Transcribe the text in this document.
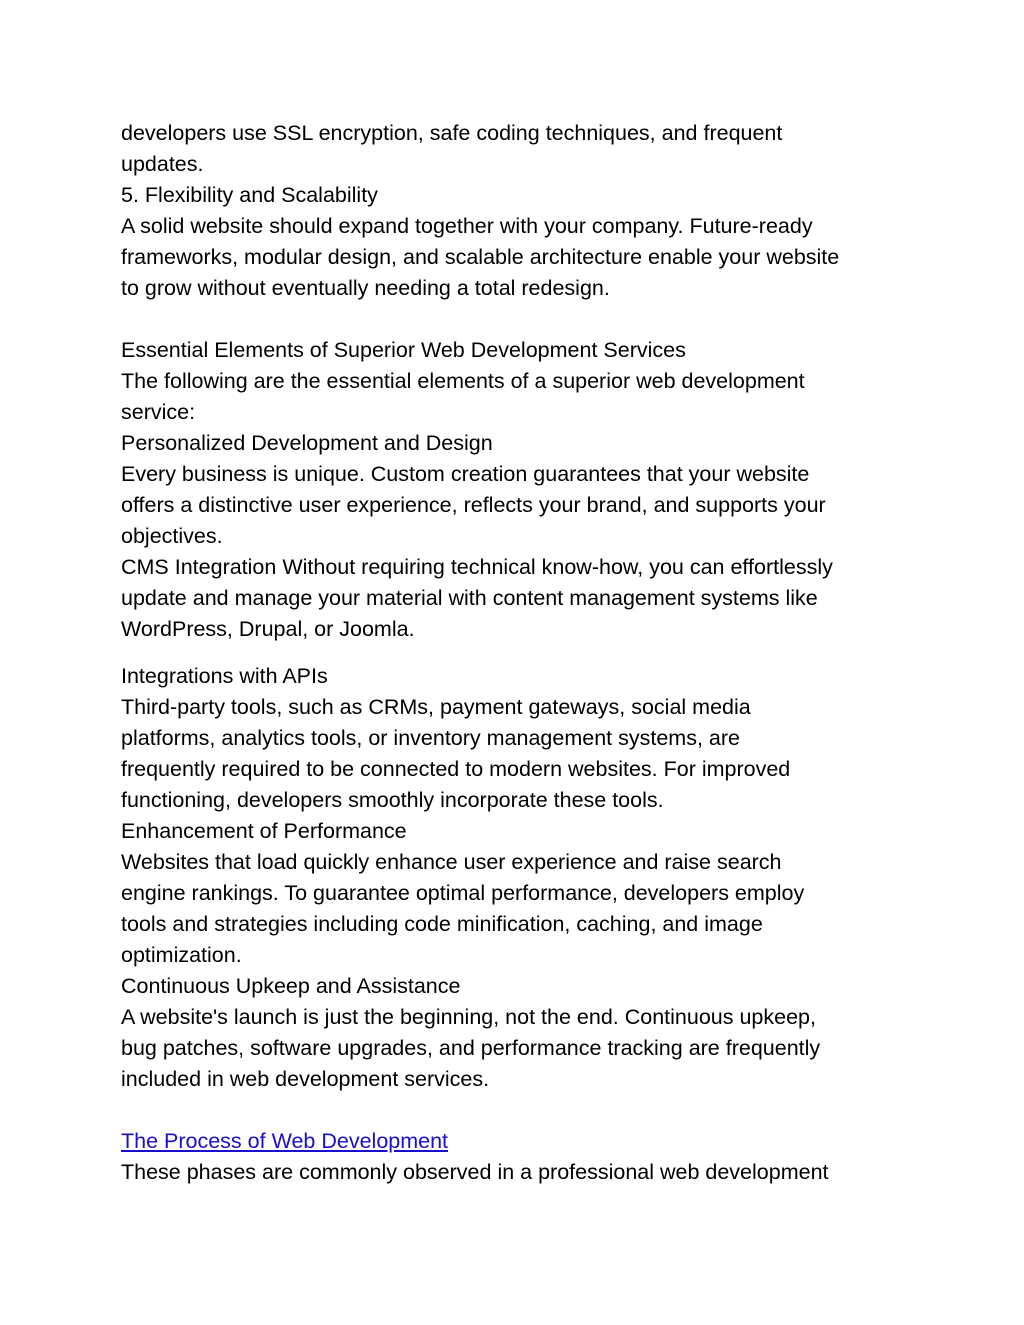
developers use SSL encryption, safe coding techniques, and frequent
updates.
5. Flexibility and Scalability
A solid website should expand together with your company. Future-ready
frameworks, modular design, and scalable architecture enable your website
to grow without eventually needing a total redesign.
Essential Elements of Superior Web Development Services
The following are the essential elements of a superior web development
service:
Personalized Development and Design
Every business is unique. Custom creation guarantees that your website
offers a distinctive user experience, reflects your brand, and supports your
objectives.
CMS Integration Without requiring technical know-how, you can effortlessly
update and manage your material with content management systems like
WordPress, Drupal, or Joomla.
Integrations with APIs
Third-party tools, such as CRMs, payment gateways, social media
platforms, analytics tools, or inventory management systems, are
frequently required to be connected to modern websites. For improved
functioning, developers smoothly incorporate these tools.
Enhancement of Performance
Websites that load quickly enhance user experience and raise search
engine rankings. To guarantee optimal performance, developers employ
tools and strategies including code minification, caching, and image
optimization.
Continuous Upkeep and Assistance
A website's launch is just the beginning, not the end. Continuous upkeep,
bug patches, software upgrades, and performance tracking are frequently
included in web development services.
The Process of Web Development
These phases are commonly observed in a professional web development
